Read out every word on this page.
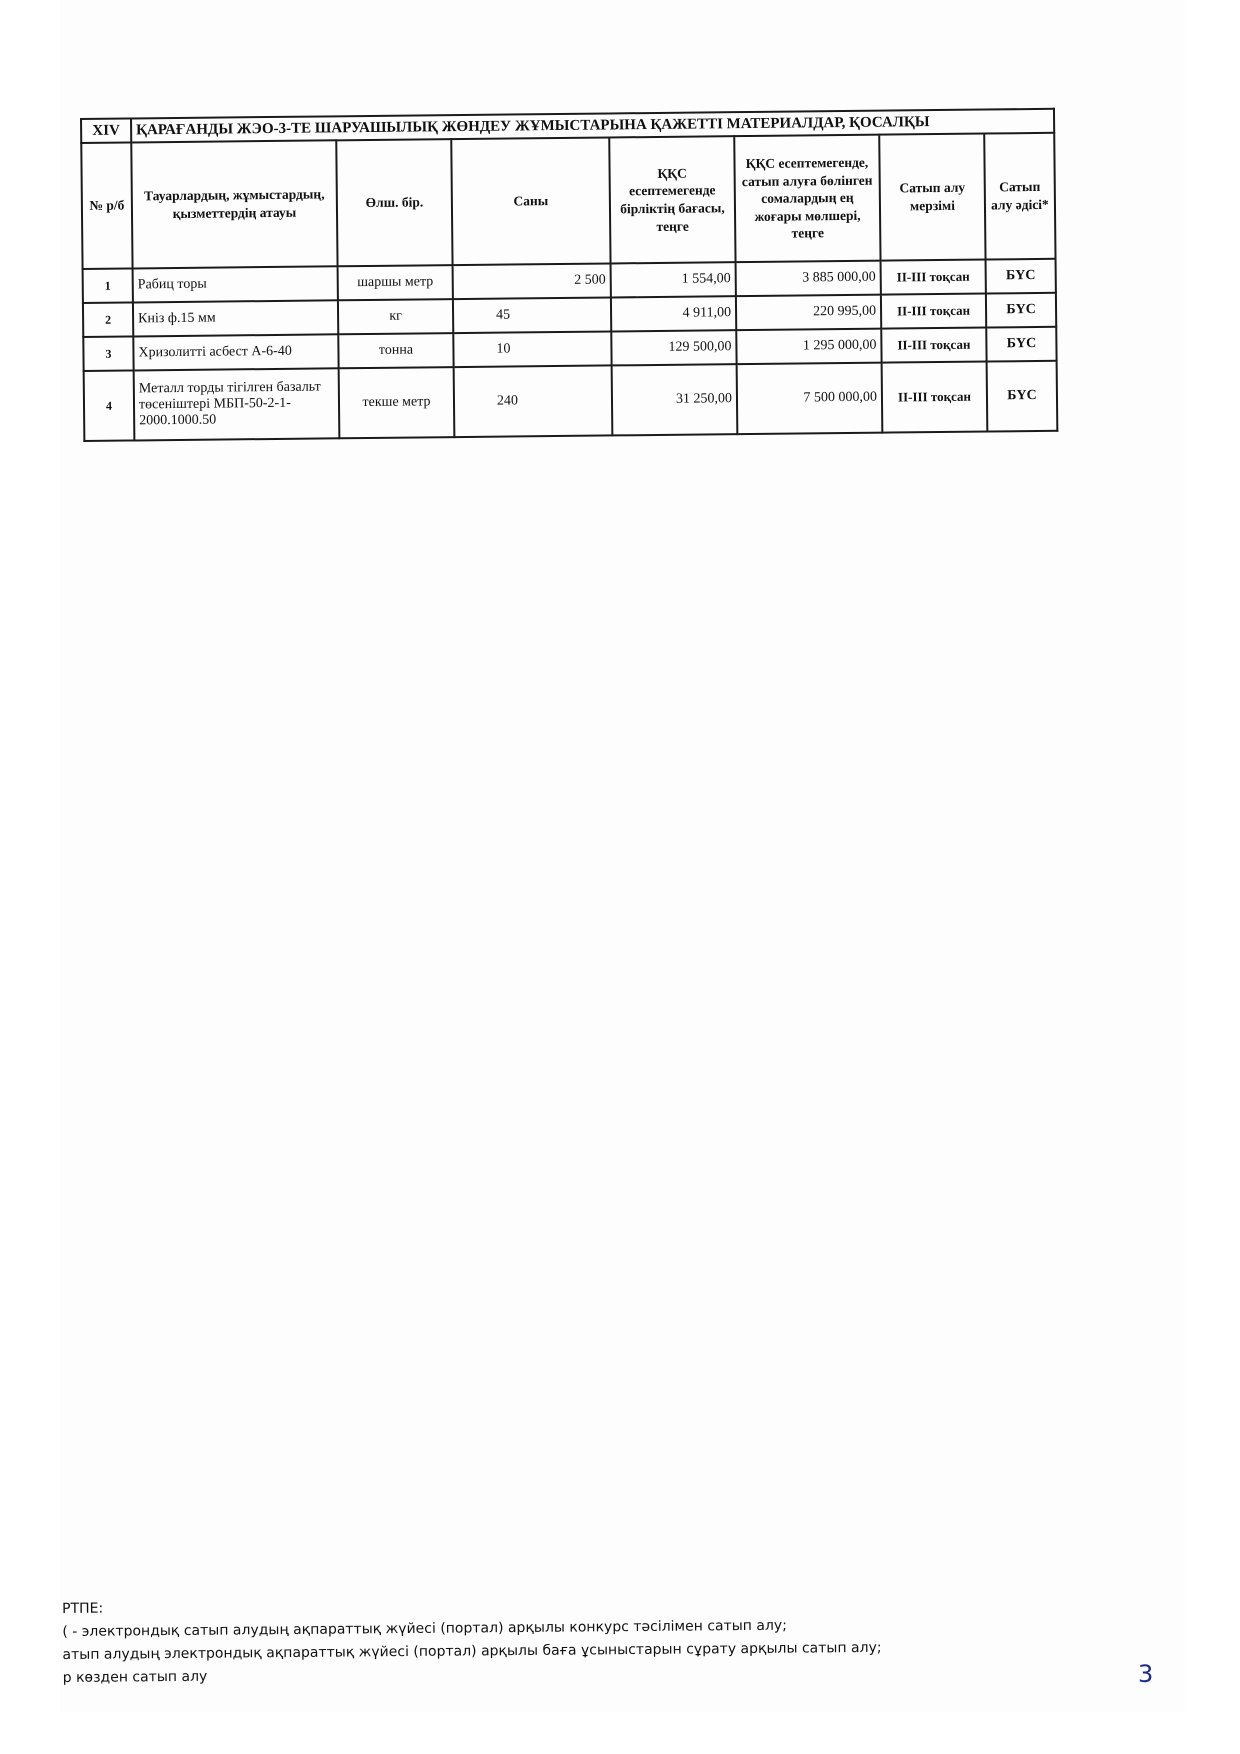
XIV	ҚАРАҒАНДЫ ЖЭО-3-ТЕ ШАРУАШЫЛЫҚ ЖӨНДЕУ ЖҰМЫСТАРЫНА ҚАЖЕТТІ МАТЕРИАЛДАР, ҚОСАЛҚЫ						
№ р/б	Тауарлардың, жұмыстардың, қызметтердің атауы	Өлш. бір.	Саны	ҚҚС есептемегенде бірліктің бағасы, теңге	ҚҚС есептемегенде, сатып алуға бөлінген сомалардың ең жоғары мөлшері, теңге	Сатып алу мерзімі	Сатып алу әдісі*
1	Рабиц торы	шаршы метр	2 500	1 554,00	3 885 000,00	II-III тоқсан	БҮС
2	Кніз ф.15 мм	кг	45	4 911,00	220 995,00	II-III тоқсан	БҮС
3	Хризолитті асбест А-6-40	тонна	10	129 500,00	1 295 000,00	II-III тоқсан	БҮС
4	Металл торды тігілген базальт төсеніштері МБП-50-2-1-2000.1000.50	текше метр	240	31 250,00	7 500 000,00	II-III тоқсан	БҮС
РТПЕ:
( - электрондық сатып алудың ақпараттық жүйесі (портал) арқылы конкурс тәсілімен сатып алу;
атып алудың электрондық ақпараттық жүйесі (портал) арқылы баға ұсыныстарын сұрату арқылы сатып алу;
р көзден сатып алу	3
